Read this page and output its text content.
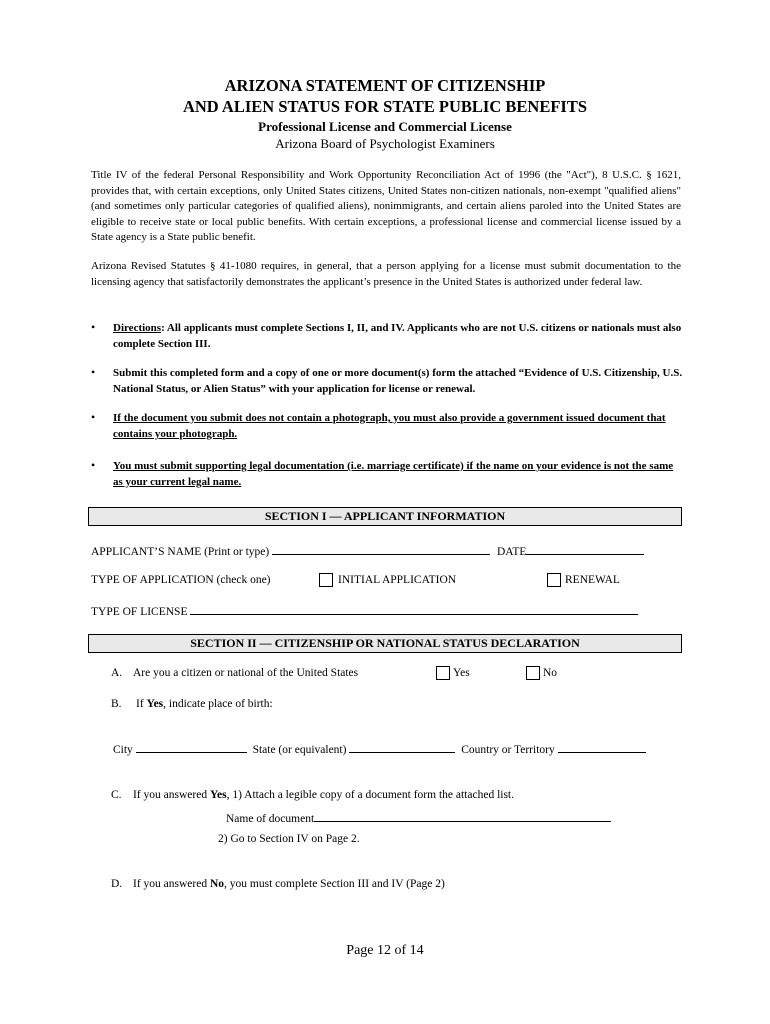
ARIZONA STATEMENT OF CITIZENSHIP
AND ALIEN STATUS FOR STATE PUBLIC BENEFITS
Professional License and Commercial License
Arizona Board of Psychologist Examiners
Title IV of the federal Personal Responsibility and Work Opportunity Reconciliation Act of 1996 (the "Act"), 8 U.S.C. § 1621, provides that, with certain exceptions, only United States citizens, United States non-citizen nationals, non-exempt "qualified aliens" (and sometimes only particular categories of qualified aliens), nonimmigrants, and certain aliens paroled into the United States are eligible to receive state or local public benefits. With certain exceptions, a professional license and commercial license issued by a State agency is a State public benefit.
Arizona Revised Statutes § 41-1080 requires, in general, that a person applying for a license must submit documentation to the licensing agency that satisfactorily demonstrates the applicant’s presence in the United States is authorized under federal law.
• Directions: All applicants must complete Sections I, II, and IV. Applicants who are not U.S. citizens or nationals must also complete Section III.
• Submit this completed form and a copy of one or more document(s) form the attached “Evidence of U.S. Citizenship, U.S. National Status, or Alien Status” with your application for license or renewal.
• If the document you submit does not contain a photograph, you must also provide a government issued document that contains your photograph.
• You must submit supporting legal documentation (i.e. marriage certificate) if the name on your evidence is not the same as your current legal name.
SECTION I — APPLICANT INFORMATION
APPLICANT’S NAME (Print or type)	DATE
TYPE OF APPLICATION (check one)	INITIAL APPLICATION	RENEWAL
TYPE OF LICENSE
SECTION II — CITIZENSHIP OR NATIONAL STATUS DECLARATION
A. Are you a citizen or national of the United States	Yes	No
B. If Yes, indicate place of birth:
City	State (or equivalent)	Country or Territory
C. If you answered Yes, 1) Attach a legible copy of a document form the attached list.
Name of document
2) Go to Section IV on Page 2.
D. If you answered No, you must complete Section III and IV (Page 2)
Page 12 of 14
